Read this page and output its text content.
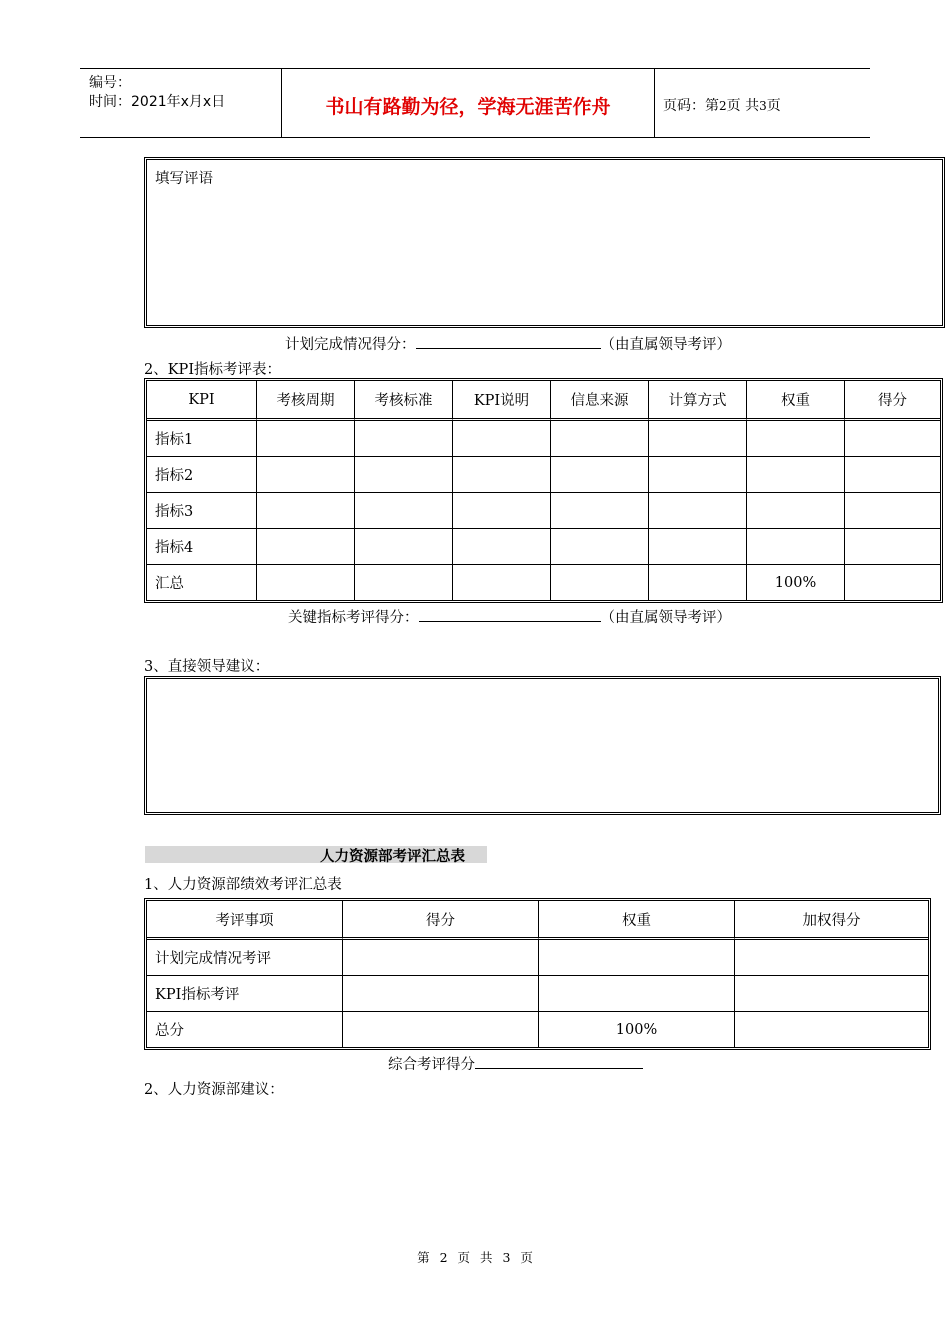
编号：
时间：2021年x月x日	书山有路勤为径，学海无涯苦作舟	页码：第2页 共3页
填写评语
计划完成情况得分：	（由直属领导考评）
2、KPI指标考评表：
KPI	考核周期	考核标准	KPI说明	信息来源	计算方式	权重	得分
指标1							
指标2							
指标3							
指标4							
汇总						100%	
关键指标考评得分：	（由直属领导考评）
3、直接领导建议：
人力资源部考评汇总表
1、人力资源部绩效考评汇总表
考评事项	得分	权重	加权得分
计划完成情况考评			
KPI指标考评			
总分		100%	
综合考评得分
2、人力资源部建议：
第 2 页 共 3 页
